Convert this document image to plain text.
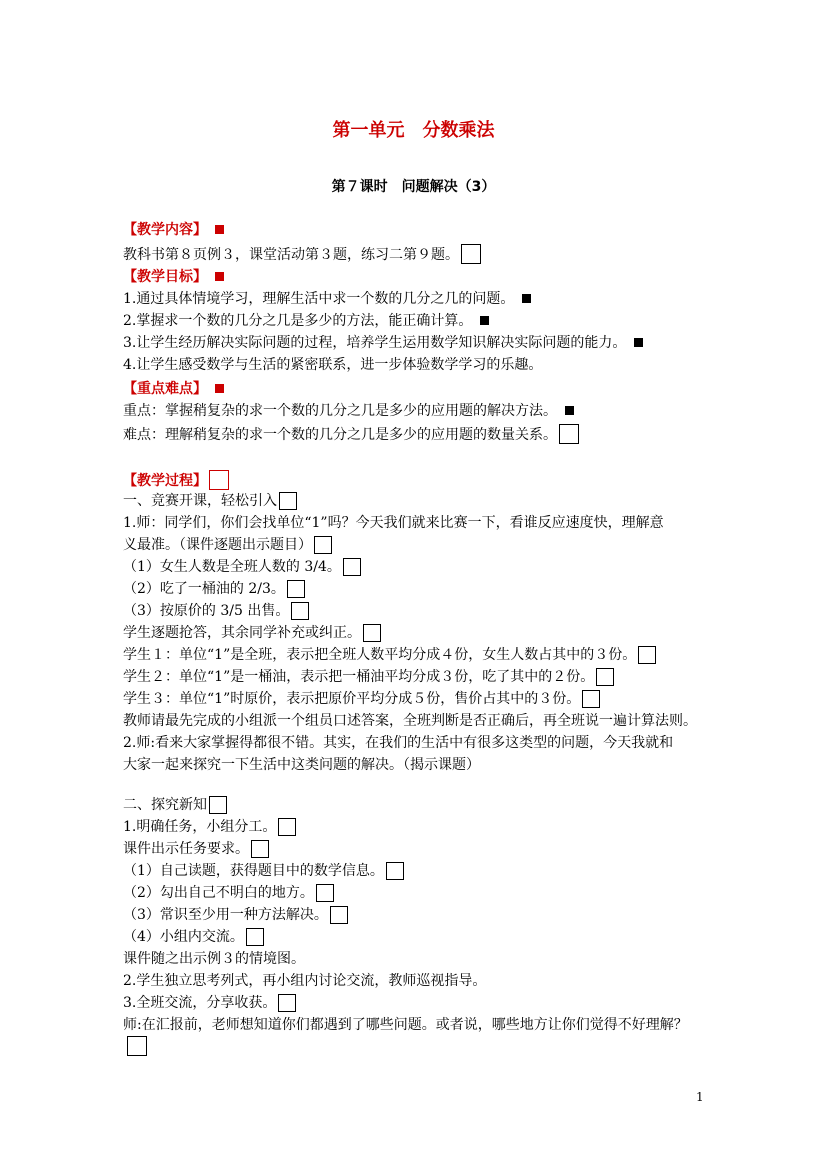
第一单元　分数乘法
第７课时　问题解决（3）
【教学内容】
教科书第８页例３，课堂活动第３题，练习二第９题。
【教学目标】
1.通过具体情境学习，理解生活中求一个数的几分之几的问题。
2.掌握求一个数的几分之几是多少的方法，能正确计算。
3.让学生经历解决实际问题的过程，培养学生运用数学知识解决实际问题的能力。
4.让学生感受数学与生活的紧密联系，进一步体验数学学习的乐趣。
【重点难点】
重点：掌握稍复杂的求一个数的几分之几是多少的应用题的解决方法。
难点：理解稍复杂的求一个数的几分之几是多少的应用题的数量关系。
【教学过程】
一、竞赛开课，轻松引入
1.师：同学们，你们会找单位“1”吗？今天我们就来比赛一下，看谁反应速度快，理解意
义最准。（课件逐题出示题目）
（1）女生人数是全班人数的 3/4。
（2）吃了一桶油的 2/3。
（3）按原价的 3/5 出售。
学生逐题抢答，其余同学补充或纠正。
学生１：单位“1”是全班，表示把全班人数平均分成４份，女生人数占其中的３份。
学生２：单位“1”是一桶油，表示把一桶油平均分成３份，吃了其中的２份。
学生３：单位“1”时原价，表示把原价平均分成５份，售价占其中的３份。
教师请最先完成的小组派一个组员口述答案，全班判断是否正确后，再全班说一遍计算法则。
2.师:看来大家掌握得都很不错。其实，在我们的生活中有很多这类型的问题，今天我就和
大家一起来探究一下生活中这类问题的解决。（揭示课题）
二、探究新知
1.明确任务，小组分工。
课件出示任务要求。
（1）自己读题，获得题目中的数学信息。
（2）勾出自己不明白的地方。
（3）常识至少用一种方法解决。
（4）小组内交流。
课件随之出示例３的情境图。
2.学生独立思考列式，再小组内讨论交流，教师巡视指导。
3.全班交流，分享收获。
师:在汇报前，老师想知道你们都遇到了哪些问题。或者说，哪些地方让你们觉得不好理解？
1
